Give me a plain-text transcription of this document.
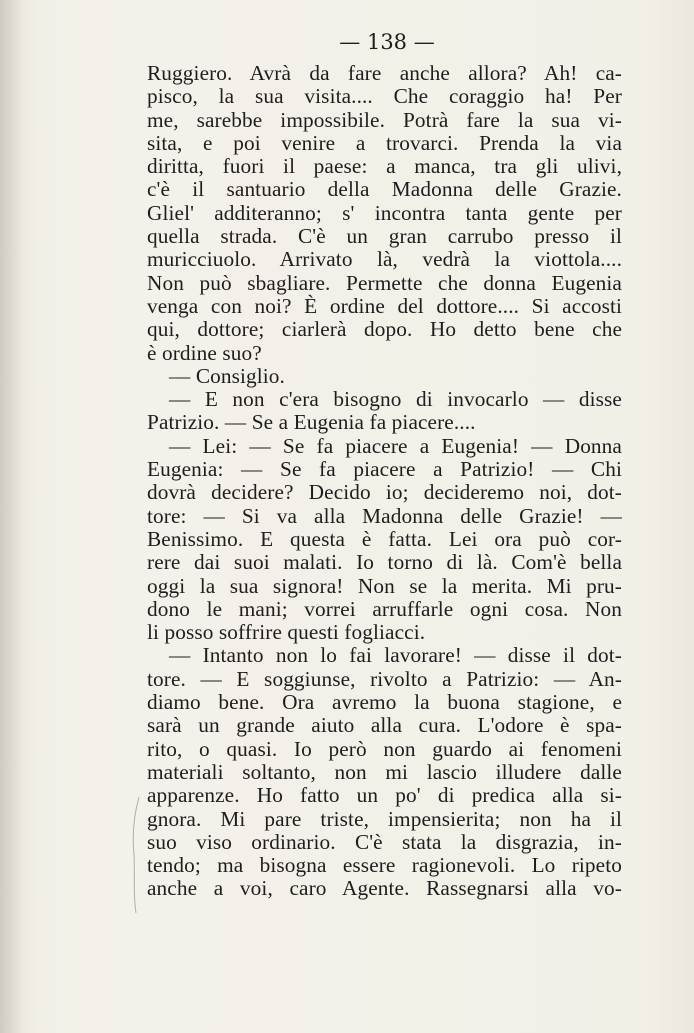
— 138 —
Ruggiero. Avrà da fare anche allora? Ah! ca-
pisco, la sua visita.... Che coraggio ha! Per
me, sarebbe impossibile. Potrà fare la sua vi-
sita, e poi venire a trovarci. Prenda la via
diritta, fuori il paese: a manca, tra gli ulivi,
c'è il santuario della Madonna delle Grazie.
Gliel' additeranno; s' incontra tanta gente per
quella strada. C'è un gran carrubo presso il
muricciuolo. Arrivato là, vedrà la viottola....
Non può sbagliare. Permette che donna Eugenia
venga con noi? È ordine del dottore.... Si accosti
qui, dottore; ciarlerà dopo. Ho detto bene che
è ordine suo?
— Consiglio.
— E non c'era bisogno di invocarlo — disse
Patrizio. — Se a Eugenia fa piacere....
— Lei: — Se fa piacere a Eugenia! — Donna
Eugenia: — Se fa piacere a Patrizio! — Chi
dovrà decidere? Decido io; decideremo noi, dot-
tore: — Si va alla Madonna delle Grazie! —
Benissimo. E questa è fatta. Lei ora può cor-
rere dai suoi malati. Io torno di là. Com'è bella
oggi la sua signora! Non se la merita. Mi pru-
dono le mani; vorrei arruffarle ogni cosa. Non
li posso soffrire questi fogliacci.
— Intanto non lo fai lavorare! — disse il dot-
tore. — E soggiunse, rivolto a Patrizio: — An-
diamo bene. Ora avremo la buona stagione, e
sarà un grande aiuto alla cura. L'odore è spa-
rito, o quasi. Io però non guardo ai fenomeni
materiali soltanto, non mi lascio illudere dalle
apparenze. Ho fatto un po' di predica alla si-
gnora. Mi pare triste, impensierita; non ha il
suo viso ordinario. C'è stata la disgrazia, in-
tendo; ma bisogna essere ragionevoli. Lo ripeto
anche a voi, caro Agente. Rassegnarsi alla vo-
